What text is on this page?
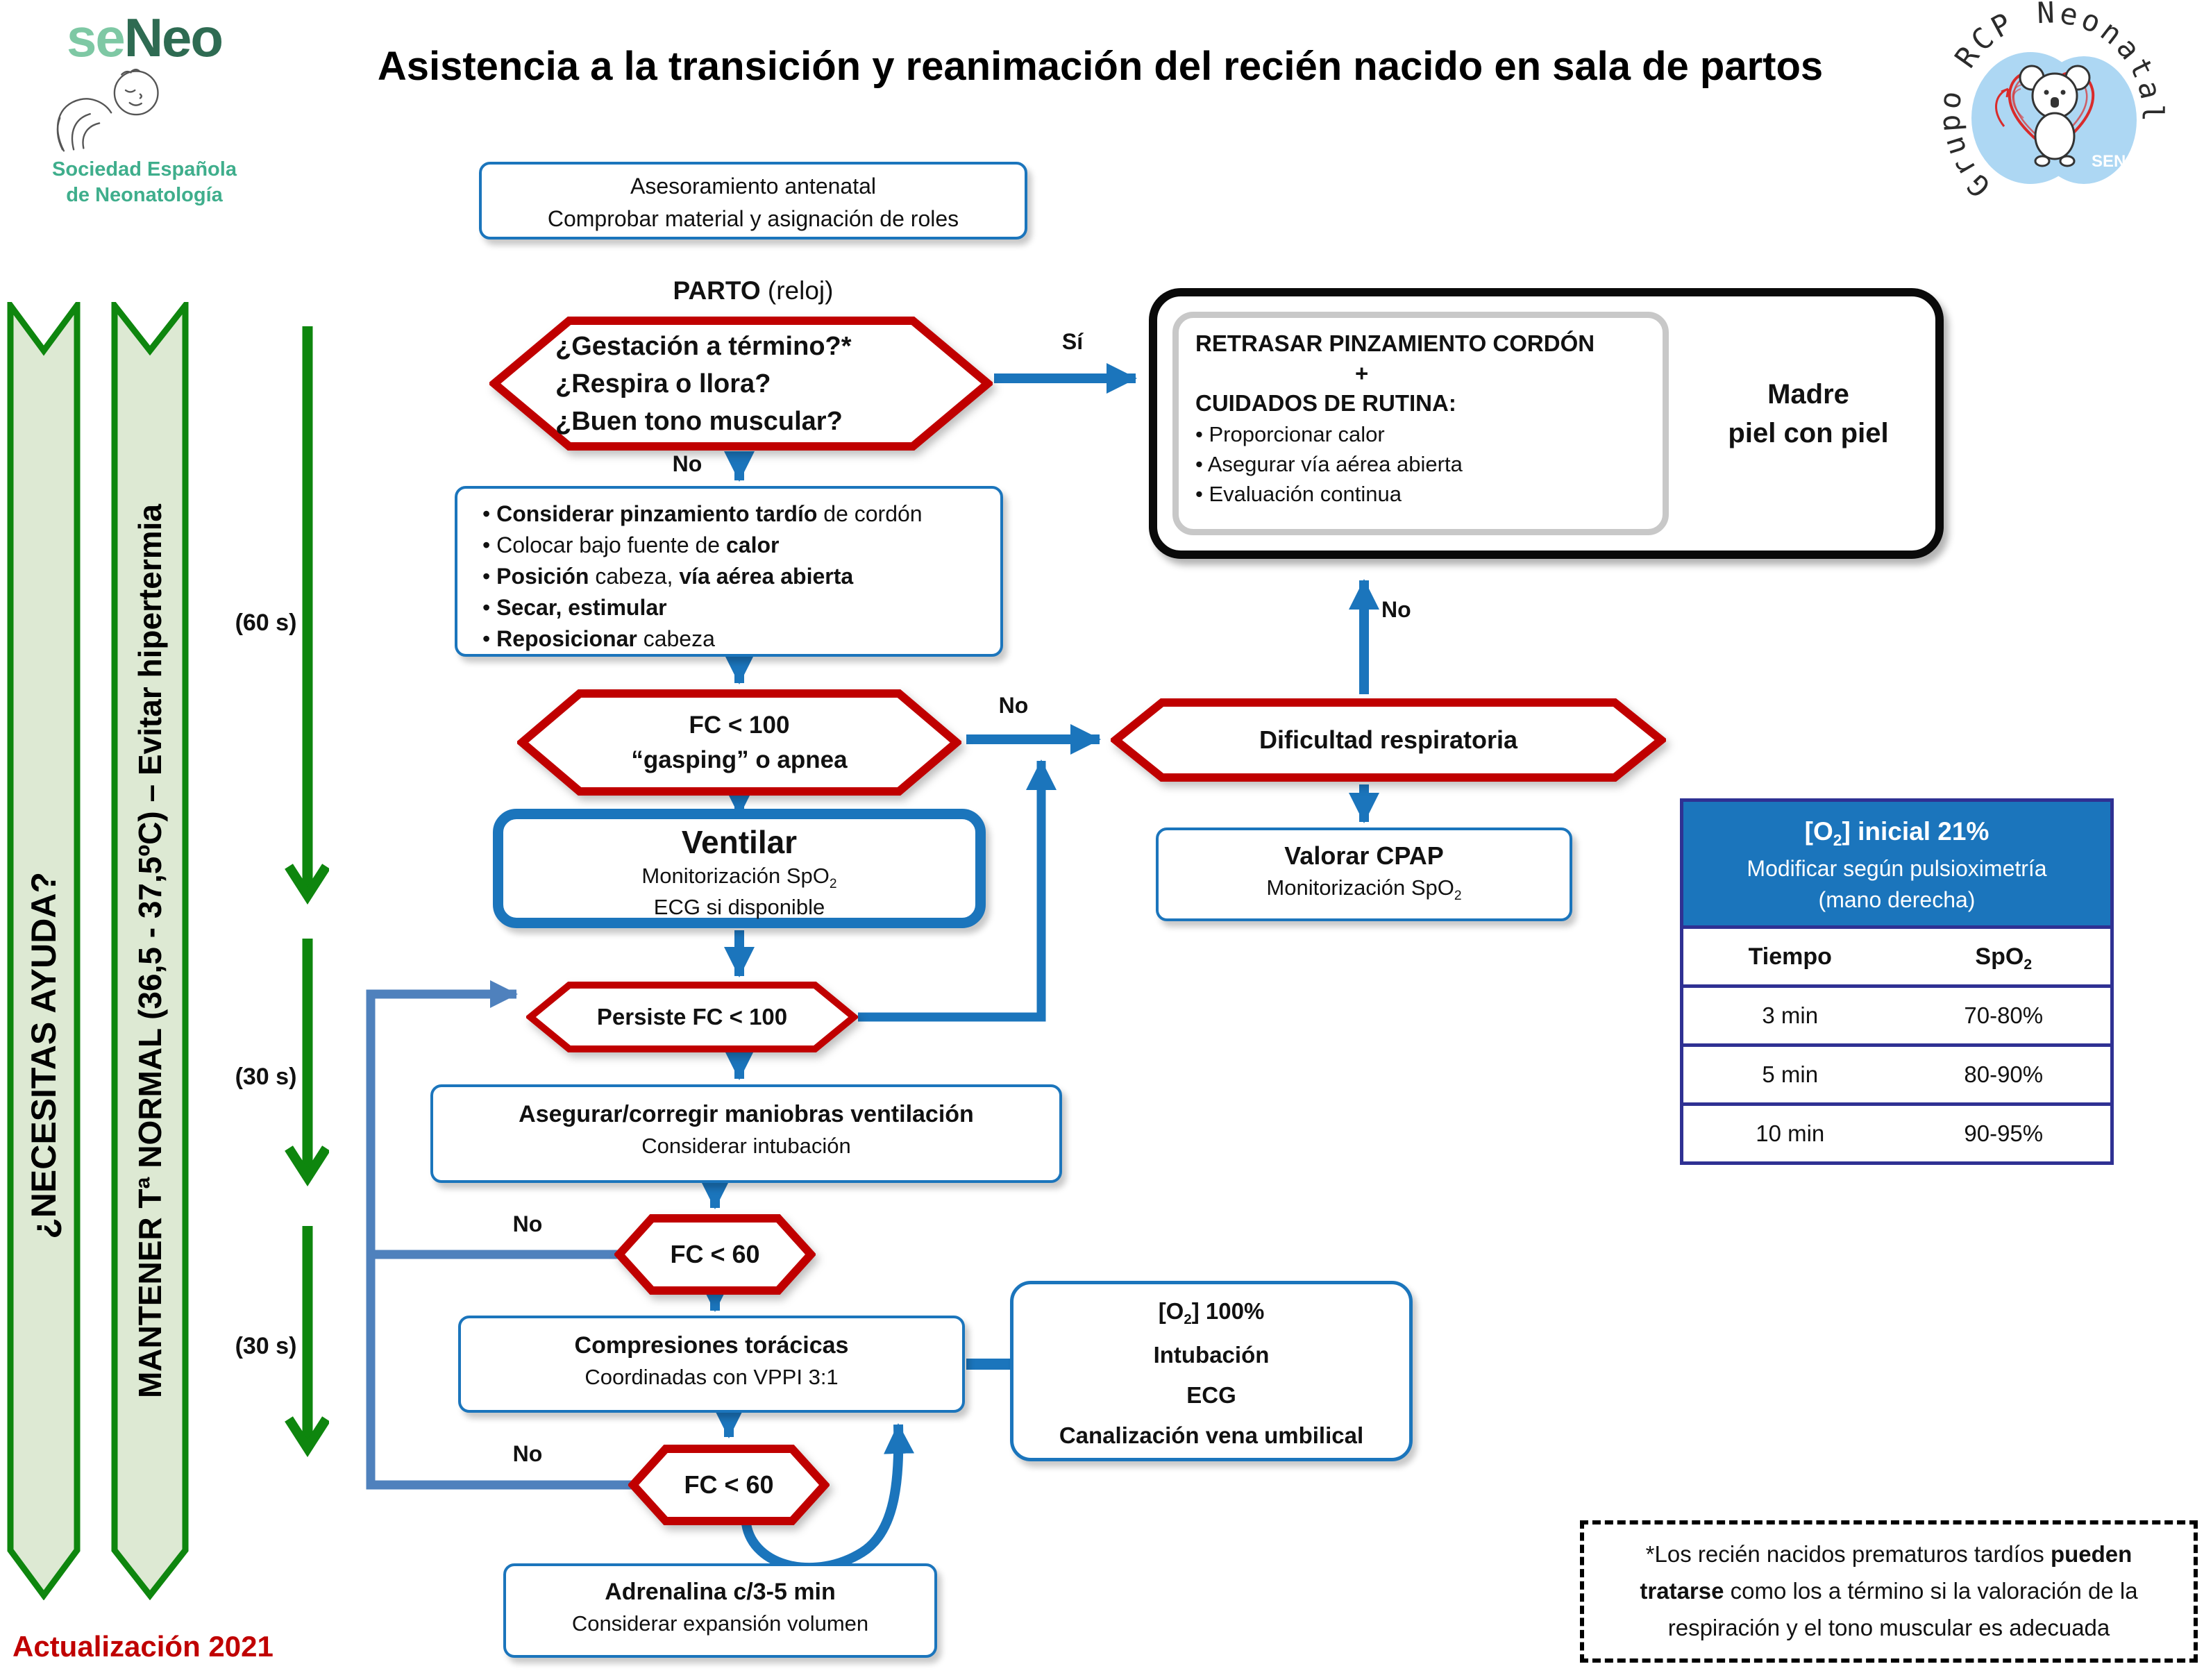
seNeo
Sociedad Española
de Neonatología
Asistencia a la transición y reanimación del recién nacido en sala de partos
SENeo
Grupo RCP Neonatal
¿NECESITAS AYUDA? MANTENER Tª NORMAL (36,5 - 37,5ºC) – Evitar hipertermia	(60 s)
(30 s)
(30 s)
Asesoramiento antenatal
Comprobar material y asignación de roles
PARTO (reloj)
¿Gestación a término?*
¿Respira o llora?
¿Buen tono muscular?
Sí
No
RETRASAR PINZAMIENTO CORDÓN
+
CUIDADOS DE RUTINA:
• Proporcionar calor
• Asegurar vía aérea abierta
• Evaluación continua
Madre
piel con piel
• Considerar pinzamiento tardío de cordón
• Colocar bajo fuente de calor
• Posición cabeza, vía aérea abierta
• Secar, estimular
• Reposicionar cabeza
FC < 100
“gasping” o apnea
No
Dificultad respiratoria
No
Valorar CPAP
Monitorización SpO$_2$
Ventilar
Monitorización SpO$_2$
ECG si disponible
Persiste FC < 100
Asegurar/corregir maniobras ventilación
Considerar intubación
FC < 60
No
Compresiones torácicas
Coordinadas con VPPI 3:1
$[O_2]$ 100%
Intubación
ECG
Canalización vena umbilical
FC < 60
No
Adrenalina c/3-5 min
Considerar expansión volumen
$[O_2]$ inicial 21%
Modificar según pulsioximetría
(mano derecha)
Tiempo	SpO$_2$
3 min	70-80%
5 min	80-90%
10 min	90-95%
*Los recién nacidos prematuros tardíos pueden
tratarse como los a término si la valoración de la
respiración y el tono muscular es adecuada
Actualización 2021
